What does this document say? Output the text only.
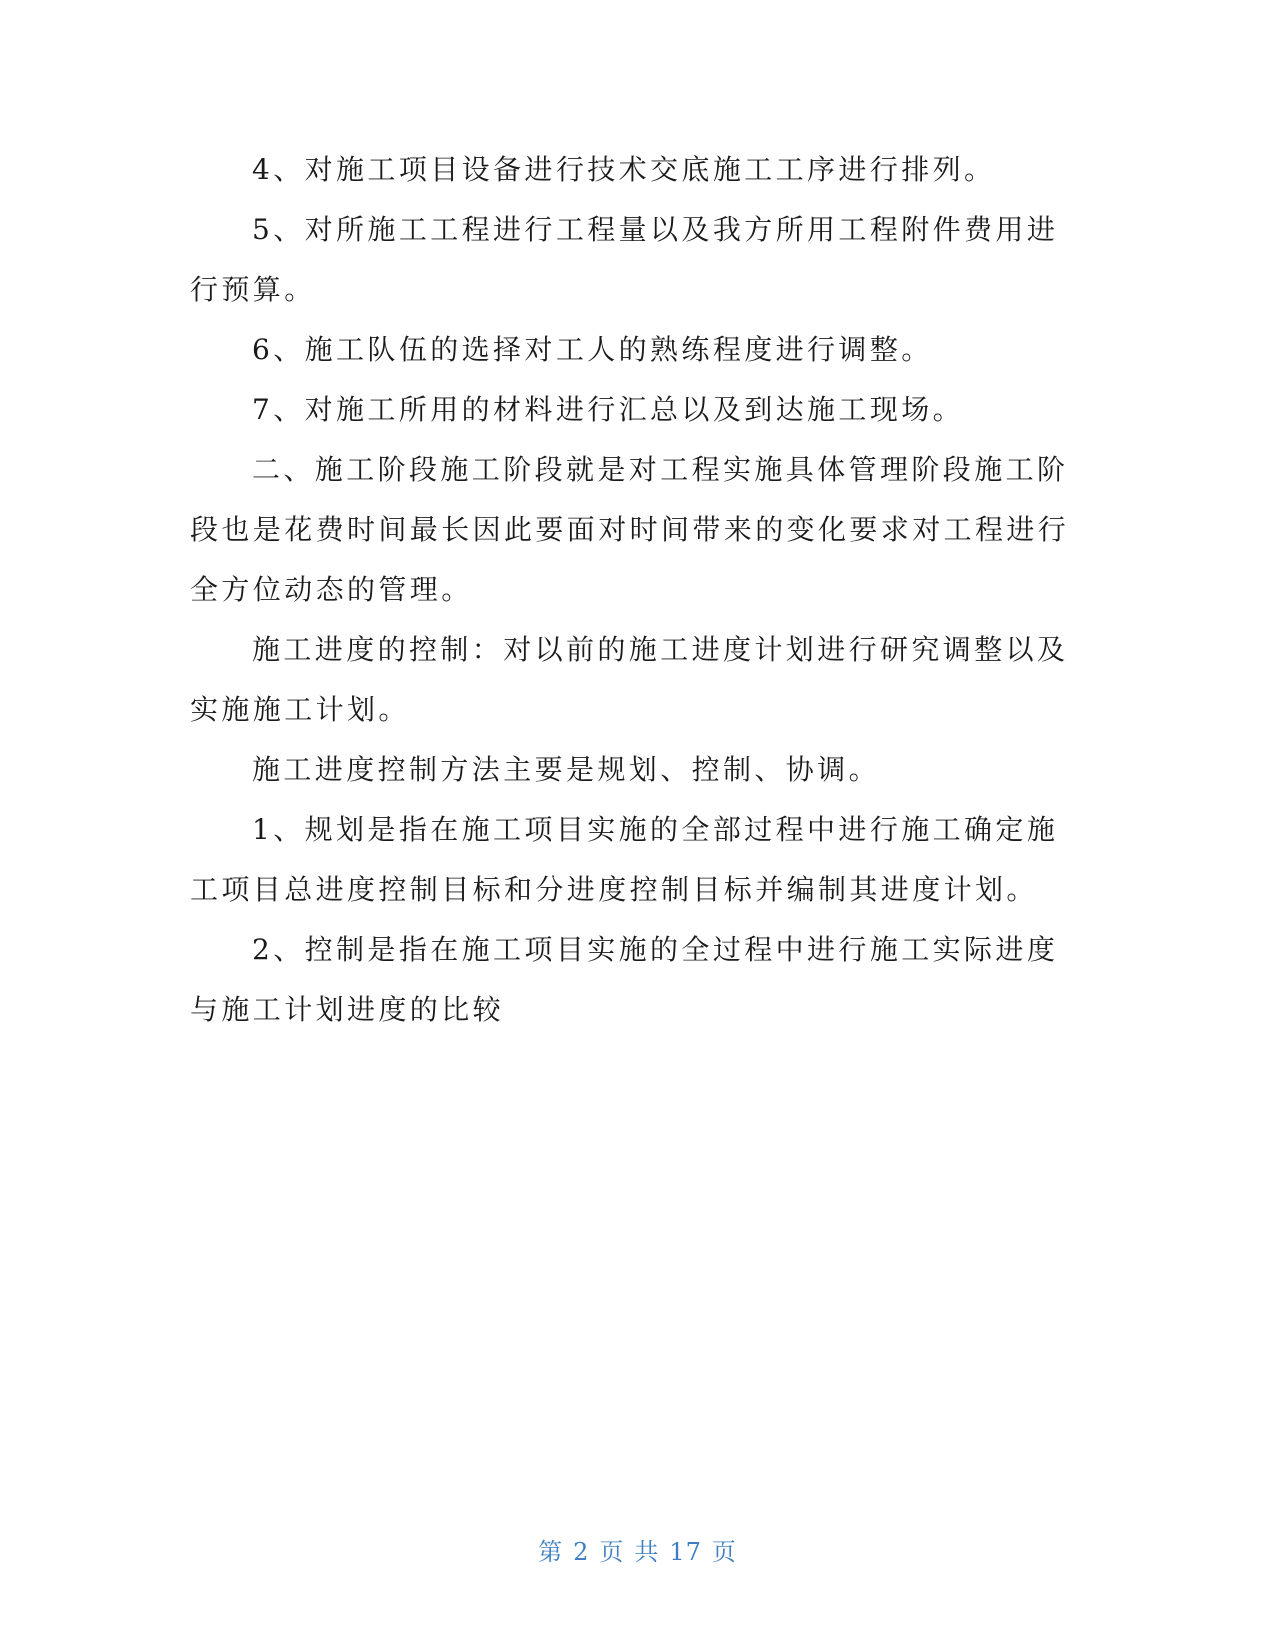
4、对施工项目设备进行技术交底施工工序进行排列。

5、对所施工工程进行工程量以及我方所用工程附件费用进行预算。

6、施工队伍的选择对工人的熟练程度进行调整。

7、对施工所用的材料进行汇总以及到达施工现场。

二、施工阶段施工阶段就是对工程实施具体管理阶段施工阶段也是花费时间最长因此要面对时间带来的变化要求对工程进行全方位动态的管理。

施工进度的控制：对以前的施工进度计划进行研究调整以及实施施工计划。

施工进度控制方法主要是规划、控制、协调。

1、规划是指在施工项目实施的全部过程中进行施工确定施工项目总进度控制目标和分进度控制目标并编制其进度计划。

2、控制是指在施工项目实施的全过程中进行施工实际进度与施工计划进度的比较

第 2 页 共 17 页
